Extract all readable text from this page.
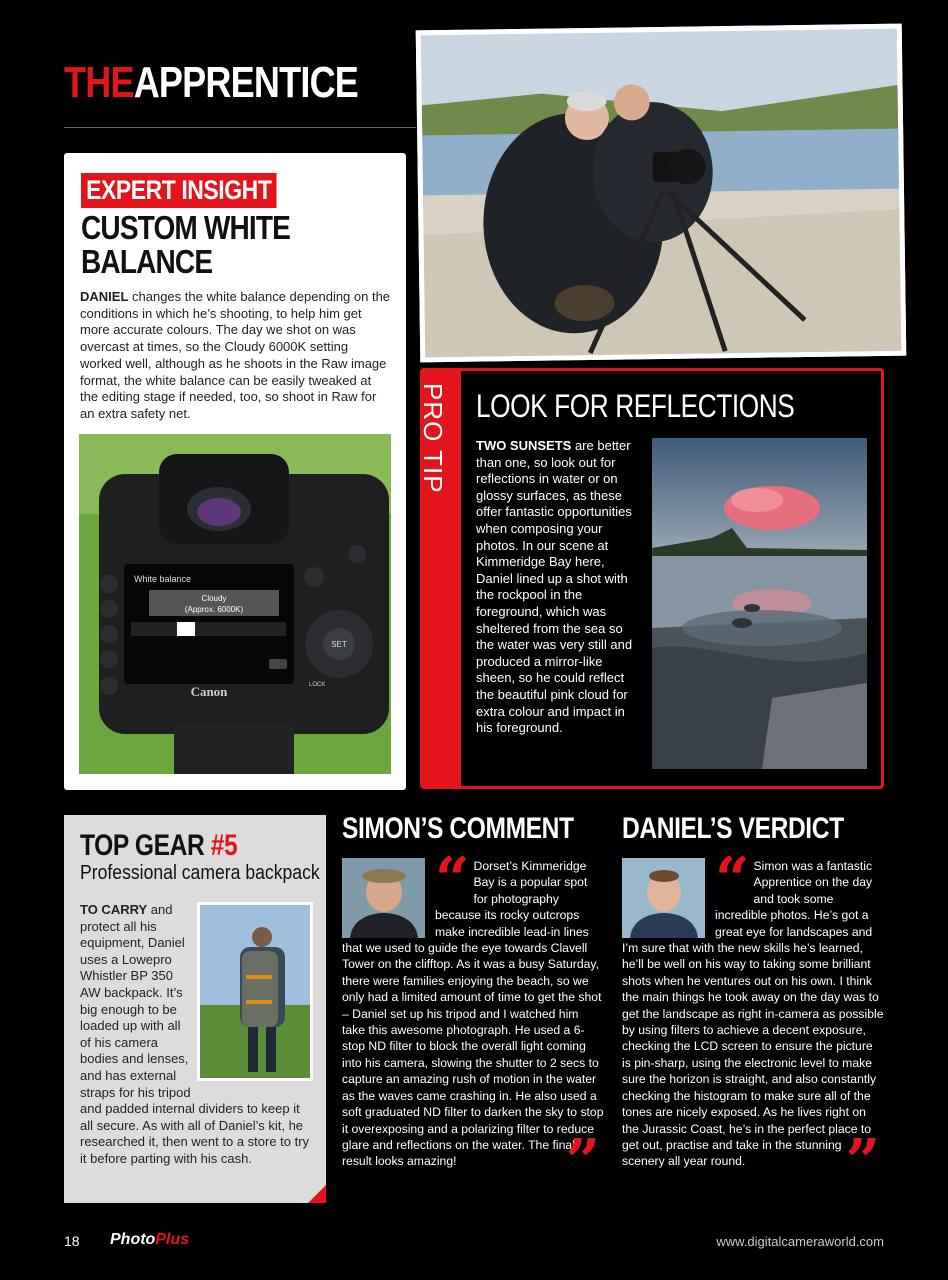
THEAPPRENTICE
EXPERT INSIGHT
CUSTOM WHITE BALANCE

DANIEL changes the white balance depending on the conditions in which he’s shooting, to help him get more accurate colours. The day we shot on was overcast at times, so the Cloudy 6000K setting worked well, although as he shoots in the Raw image format, the white balance can be easily tweaked at the editing stage if needed, too, so shoot in Raw for an extra safety net.

White balance
Cloudy
(Approx. 6000K)
SET
Canon	LOCK
PRO TIP LOOK FOR REFLECTIONS

TWO SUNSETS are better than one, so look out for reflections in water or on glossy surfaces, as these offer fantastic opportunities when composing your photos. In our scene at Kimmeridge Bay here, Daniel lined up a shot with the rockpool in the foreground, which was sheltered from the sea so the water was very still and produced a mirror-like sheen, so he could reflect the beautiful pink cloud for extra colour and impact in his foreground.

TOP GEAR #5
Professional camera backpack
TO CARRY and protect all his equipment, Daniel uses a Lowepro Whistler BP 350 AW backpack. It’s big enough to be loaded up with all of his camera bodies and lenses, and has external straps for his tripod and padded internal dividers to keep it all secure. As with all of Daniel’s kit, he researched it, then went to a store to try it before parting with his cash.
SIMON’S COMMENT
“ Dorset’s Kimmeridge Bay is a popular spot for photography because its rocky outcrops make incredible lead-in lines that we used to guide the eye towards Clavell Tower on the clifftop. As it was a busy Saturday, there were families enjoying the beach, so we only had a limited amount of time to get the shot – Daniel set up his tripod and I watched him take this awesome photograph. He used a 6-stop ND filter to block the overall light coming into his camera, slowing the shutter to 2 secs to capture an amazing rush of motion in the water as the waves came crashing in. He also used a soft graduated ND filter to darken the sky to stop it overexposing and a polarizing filter to reduce glare and reflections on the water. The final result looks amazing!	”
DANIEL’S VERDICT
“ Simon was a fantastic Apprentice on the day and took some incredible photos. He’s got a great eye for landscapes and I’m sure that with the new skills he’s learned, he’ll be well on his way to taking some brilliant shots when he ventures out on his own. I think the main things he took away on the day was to get the landscape as right in-camera as possible by using filters to achieve a decent exposure, checking the LCD screen to ensure the picture is pin-sharp, using the electronic level to make sure the horizon is straight, and also constantly checking the histogram to make sure all of the tones are nicely exposed. As he lives right on the Jurassic Coast, he’s in the perfect place to get out, practise and take in the stunning scenery all year round.	”
18 PhotoPlus	www.digitalcameraworld.com
